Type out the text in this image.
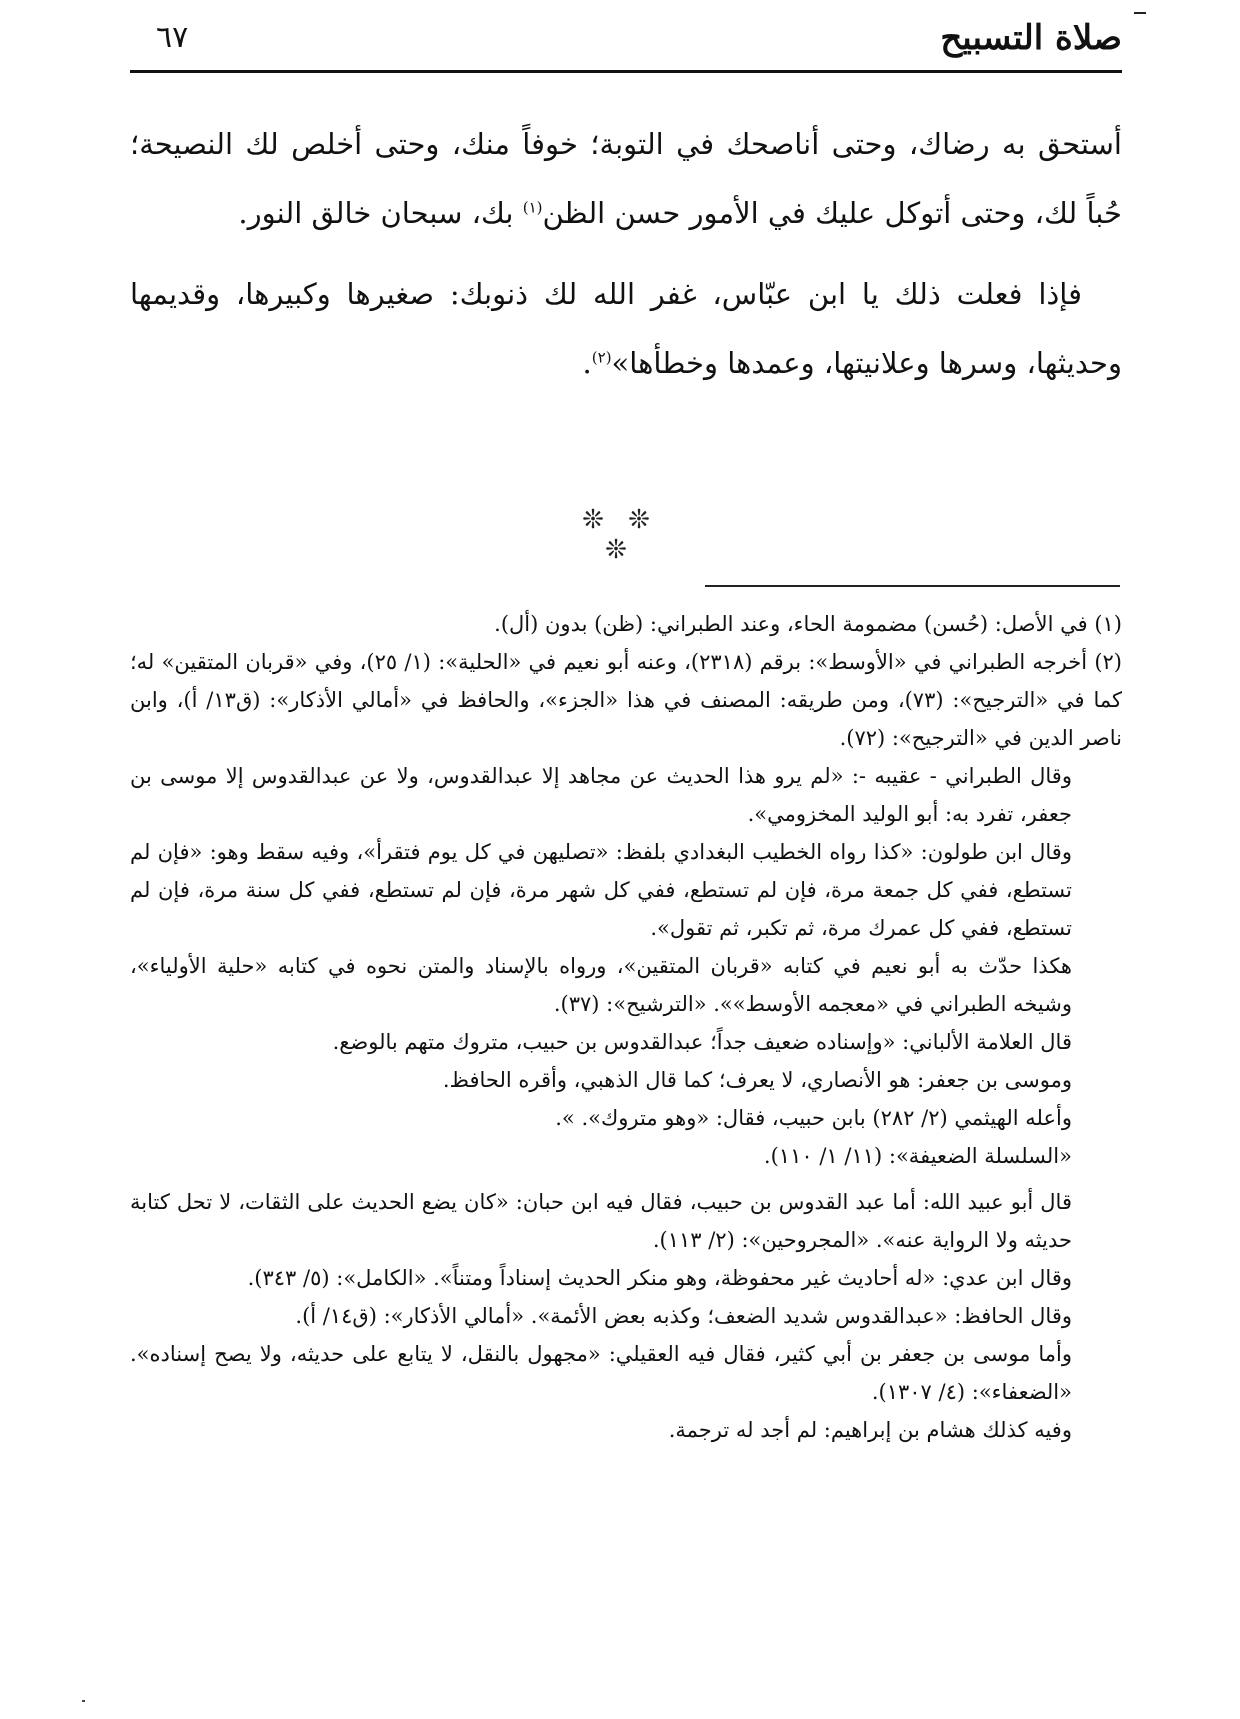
صلاة التسبيح
٦٧

أستحق به رضاك، وحتى أناصحك في التوبة؛ خوفاً منك، وحتى أخلص لك النصيحة؛ حُباً لك، وحتى أتوكل عليك في الأمور حسن الظن$^{(١)}$ بك، سبحان خالق النور.

فإذا فعلت ذلك يا ابن عبّاس، غفر الله لك ذنوبك: صغيرها وكبيرها، وقديمها وحديثها، وسرها وعلانيتها، وعمدها وخطأها»$^{(٢)}$.

❊ ❊ ❊

(١) في الأصل: (حُسن) مضمومة الحاء، وعند الطبراني: (ظن) بدون (أل).

(٢) أخرجه الطبراني في «الأوسط»: برقم (٢٣١٨)، وعنه أبو نعيم في «الحلية»: (١/ ٢٥)، وفي «قربان المتقين» له؛ كما في «الترجيح»: (٧٣)، ومن طريقه: المصنف في هذا «الجزء»، والحافظ في «أمالي الأذكار»: (ق١٣/ أ)، وابن ناصر الدين في «الترجيح»: (٧٢).

وقال الطبراني - عقيبه -: «لم يرو هذا الحديث عن مجاهد إلا عبدالقدوس، ولا عن عبدالقدوس إلا موسى بن جعفر، تفرد به: أبو الوليد المخزومي».

وقال ابن طولون: «كذا رواه الخطيب البغدادي بلفظ: «تصليهن في كل يوم فتقرأ»، وفيه سقط وهو: «فإن لم تستطع، ففي كل جمعة مرة، فإن لم تستطع، ففي كل شهر مرة، فإن لم تستطع، ففي كل سنة مرة، فإن لم تستطع، ففي كل عمرك مرة، ثم تكبر، ثم تقول».

هكذا حدّث به أبو نعيم في كتابه «قربان المتقين»، ورواه بالإسناد والمتن نحوه في كتابه «حلية الأولياء»، وشيخه الطبراني في «معجمه الأوسط»». «الترشيح»: (٣٧).

قال العلامة الألباني: «وإسناده ضعيف جداً؛ عبدالقدوس بن حبيب، متروك متهم بالوضع.

وموسى بن جعفر: هو الأنصاري، لا يعرف؛ كما قال الذهبي، وأقره الحافظ.

وأعله الهيثمي (٢/ ٢٨٢) بابن حبيب، فقال: «وهو متروك». ».

«السلسلة الضعيفة»: (١١/ ١/ ١١٠).

قال أبو عبيد الله: أما عبد القدوس بن حبيب، فقال فيه ابن حبان: «كان يضع الحديث على الثقات، لا تحل كتابة حديثه ولا الرواية عنه». «المجروحين»: (٢/ ١١٣).

وقال ابن عدي: «له أحاديث غير محفوظة، وهو منكر الحديث إسناداً ومتناً». «الكامل»: (٥/ ٣٤٣).

وقال الحافظ: «عبدالقدوس شديد الضعف؛ وكذبه بعض الأئمة». «أمالي الأذكار»: (ق١٤/ أ).

وأما موسى بن جعفر بن أبي كثير، فقال فيه العقيلي: «مجهول بالنقل، لا يتابع على حديثه، ولا يصح إسناده». «الضعفاء»: (٤/ ١٣٠٧).

وفيه كذلك هشام بن إبراهيم: لم أجد له ترجمة.
